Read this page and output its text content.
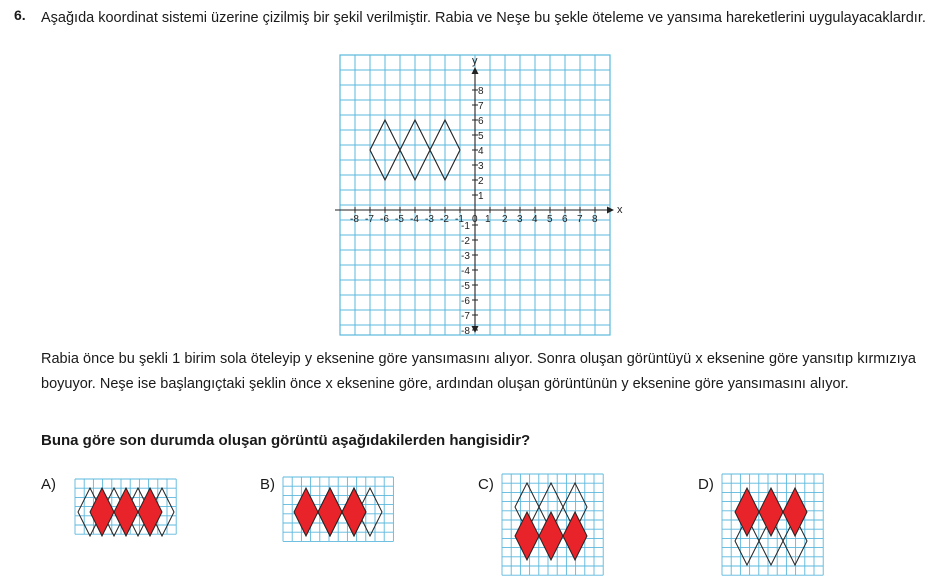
6. Aşağıda koordinat sistemi üzerine çizilmiş bir şekil verilmiştir. Rabia ve Neşe bu şekle öteleme ve yansıma hareketlerini uygulayacaklardır.

x
y
-8 -7 -6 -5 -4 -3 -2 -1 0 2 3 4 5 6 7 8
1
8
7
6
5
4
3
2
1
-1
-2
-3
-4
-5
-6
-7
-8

Rabia önce bu şekli 1 birim sola öteleyip y eksenine göre yansımasını alıyor. Sonra oluşan görüntüyü x eksenine göre yansıtıp kırmızıya boyuyor. Neşe ise başlangıçtaki şeklin önce x eksenine göre, ardından oluşan görüntünün y eksenine göre yansımasını alıyor.

Buna göre son durumda oluşan görüntü aşağıdakilerden hangisidir?

A)	B)	C)	D)
